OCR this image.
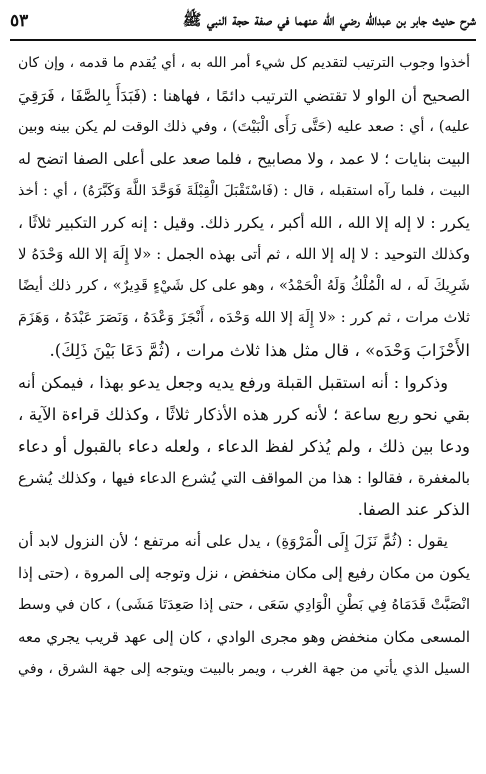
شرح حديث جابر بن عبدالله رضي الله عنهما في صفة حجة النبي ﷺ
٥٣
أخذوا وجوب الترتيب لتقديم كل شيء أمر الله به ، أي يُقدم ما قدمه ، وإن كان
الصحيح أن الواو لا تقتضي الترتيب دائمًا ، فهاهنا : (فَبَدَأَ بِالصَّفَا ، فَرَقِيَ
عليه) ، أي : صعد عليه (حَتَّى رَأَى الْبَيْتَ) ، وفي ذلك الوقت لم يكن بينه وبين
البيت بنايات ؛ لا عمد ، ولا مصابيح ، فلما صعد على أعلى الصفا اتضح له
البيت ، فلما رآه استقبله ، قال : (فَاسْتَقْبَلَ الْقِبْلَةَ فَوَحَّدَ اللَّهَ وَكَبَّرَهُ) ، أي : أخذ
يكرر : لا إله إلا الله ، الله أكبر ، يكرر ذلك. وقيل : إنه كرر التكبير ثلاثًا ،
وكذلك التوحيد : لا إله إلا الله ، ثم أتى بهذه الجمل : «لا إِلَهَ إلا الله وَحْدَهُ لا
شَرِيكَ لَه ، له الْمُلْكُ وَلَهُ الْحَمْدُ» ، وهو على كل شَيْءٍ قَدِيرٌ» ، كرر ذلك أيضًا
ثلاث مرات ، ثم كرر : «لا إِلَهَ إلا الله وَحْدَه ، أَنْجَزَ وَعْدَهُ ، وَنَصَرَ عَبْدَهُ ، وَهَزَمَ
الأَحْزَابَ وَحْدَه» ، قال مثل هذا ثلاث مرات ، (ثُمَّ دَعَا بَيْنَ ذَلِكَ).
وذكروا : أنه استقبل القبلة ورفع يديه وجعل يدعو بهذا ، فيمكن أنه
بقي نحو ربع ساعة ؛ لأنه كرر هذه الأذكار ثلاثًا ، وكذلك قراءة الآية ،
ودعا بين ذلك ، ولم يُذكر لفظ الدعاء ، ولعله دعاء بالقبول أو دعاء
بالمغفرة ، فقالوا : هذا من المواقف التي يُشرع الدعاء فيها ، وكذلك يُشرع
الذكر عند الصفا.
يقول : (ثُمَّ نَزَلَ إِلَى الْمَرْوَةِ) ، يدل على أنه مرتفع ؛ لأن النزول لابد أن
يكون من مكان رفيع إلى مكان منخفض ، نزل وتوجه إلى المروة ، (حتى إذا
انْصَبَّتْ قَدَمَاهُ فِي بَطْنِ الْوَادِي سَعَى ، حتى إذا صَعِدَتَا مَشَى) ، كان في وسط
المسعى مكان منخفض وهو مجرى الوادي ، كان إلى عهد قريب يجري معه
السيل الذي يأتي من جهة الغرب ، ويمر بالبيت ويتوجه إلى جهة الشرق ، وفي
